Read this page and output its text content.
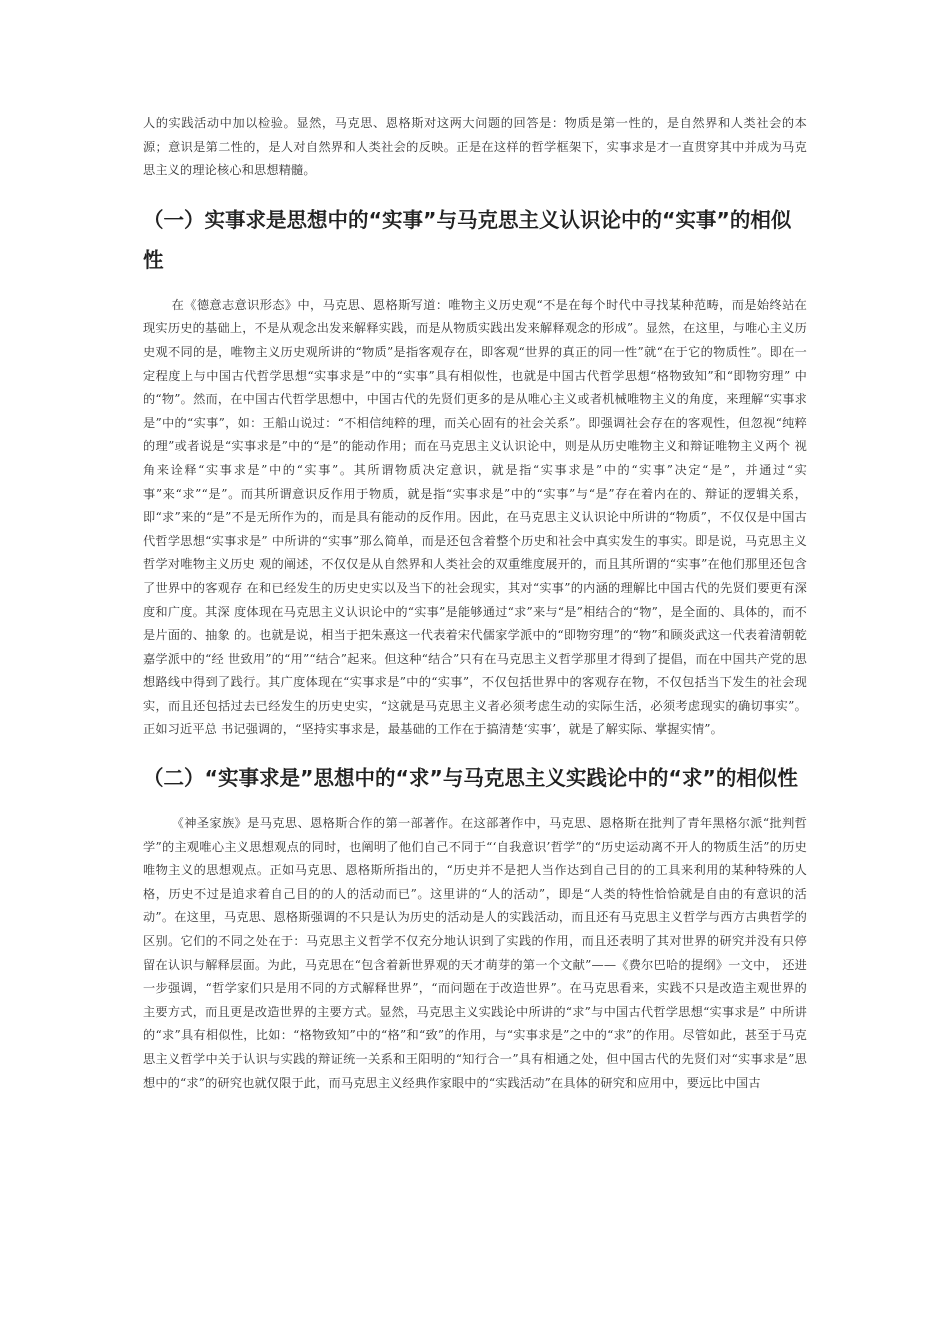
人的实践活动中加以检验。显然，马克思、恩格斯对这两大问题的回答是：物质是第一性的，是自然界和人类社会的本 源；意识是第二性的，是人对自然界和人类社会的反映。正是在这样的哲学框架下，实事求是才一直贯穿其中并成为马克思主义的理论核心和思想精髓。

（一）实事求是思想中的“实事”与马克思主义认识论中的“实事”的相似性

在《德意志意识形态》中，马克思、恩格斯写道：唯物主义历史观“不是在每个时代中寻找某种范畴，而是始终站在现实历史的基础上，不是从观念出发来解释实践，而是从物质实践出发来解释观念的形成”。显然，在这里，与唯心主义历史观不同的是，唯物主义历史观所讲的“物质”是指客观存在，即客观“世界的真正的同一性”就“在于它的物质性”。即在一定程度上与中国古代哲学思想“实事求是”中的“实事”具有相似性，也就是中国古代哲学思想“格物致知”和“即物穷理” 中的“物”。然而，在中国古代哲学思想中，中国古代的先贤们更多的是从唯心主义或者机械唯物主义的角度，来理解“实事求是”中的“实事”，如：王船山说过：“不相信纯粹的理，而关心固有的社会关系”。即强调社会存在的客观性，但忽视“纯粹的理”或者说是“实事求是”中的“是”的能动作用；而在马克思主义认识论中，则是从历史唯物主义和辩证唯物主义两个 视角来诠释“实事求是”中的“实事”。其所谓物质决定意识，就是指“实事求是”中的“实事”决定“是”，并通过“实事”来“求”“是”。而其所谓意识反作用于物质，就是指“实事求是”中的“实事”与“是”存在着内在的、辩证的逻辑关系，即“求”来的“是”不是无所作为的，而是具有能动的反作用。因此，在马克思主义认识论中所讲的“物质”，不仅仅是中国古代哲学思想“实事求是” 中所讲的“实事”那么简单，而是还包含着整个历史和社会中真实发生的事实。即是说，马克思主义哲学对唯物主义历史 观的阐述，不仅仅是从自然界和人类社会的双重维度展开的，而且其所谓的“实事”在他们那里还包含了世界中的客观存 在和已经发生的历史史实以及当下的社会现实，其对“实事”的内涵的理解比中国古代的先贤们要更有深度和广度。其深 度体现在马克思主义认识论中的“实事”是能够通过“求”来与“是”相结合的“物”，是全面的、具体的，而不是片面的、抽象 的。也就是说，相当于把朱熹这一代表着宋代儒家学派中的“即物穷理”的“物”和顾炎武这一代表着清朝乾嘉学派中的“经 世致用”的“用”“结合”起来。但这种“结合”只有在马克思主义哲学那里才得到了提倡，而在中国共产党的思想路线中得到了践行。其广度体现在“实事求是”中的“实事”，不仅包括世界中的客观存在物，不仅包括当下发生的社会现实，而且还包括过去已经发生的历史史实，“这就是马克思主义者必须考虑生动的实际生活，必须考虑现实的确切事实”。正如习近平总 书记强调的，“坚持实事求是，最基础的工作在于搞清楚‘实事’，就是了解实际、掌握实情”。

（二）“实事求是”思想中的“求”与马克思主义实践论中的“求”的相似性

《神圣家族》是马克思、恩格斯合作的第一部著作。在这部著作中，马克思、恩格斯在批判了青年黑格尔派“批判哲学”的主观唯心主义思想观点的同时，也阐明了他们自己不同于“‘自我意识’哲学”的“历史运动离不开人的物质生活”的历史唯物主义的思想观点。正如马克思、恩格斯所指出的，“历史并不是把人当作达到自己目的的工具来利用的某种特殊的人格，历史不过是追求着自己目的的人的活动而已”。这里讲的“人的活动”，即是“人类的特性恰恰就是自由的有意识的活动”。在这里，马克思、恩格斯强调的不只是认为历史的活动是人的实践活动，而且还有马克思主义哲学与西方古典哲学的区别。它们的不同之处在于：马克思主义哲学不仅充分地认识到了实践的作用，而且还表明了其对世界的研究并没有只停留在认识与解释层面。为此，马克思在“包含着新世界观的天才萌芽的第一个文献”——《费尔巴哈的提纲》一文中， 还进一步强调，“哲学家们只是用不同的方式解释世界”，“而问题在于改造世界”。在马克思看来，实践不只是改造主观世界的主要方式，而且更是改造世界的主要方式。显然，马克思主义实践论中所讲的“求”与中国古代哲学思想“实事求是” 中所讲的“求”具有相似性，比如：“格物致知”中的“格”和“致”的作用，与“实事求是”之中的“求”的作用。尽管如此，甚至于马克思主义哲学中关于认识与实践的辩证统一关系和王阳明的“知行合一”具有相通之处，但中国古代的先贤们对“实事求是”思想中的“求”的研究也就仅限于此，而马克思主义经典作家眼中的“实践活动”在具体的研究和应用中，要远比中国古
